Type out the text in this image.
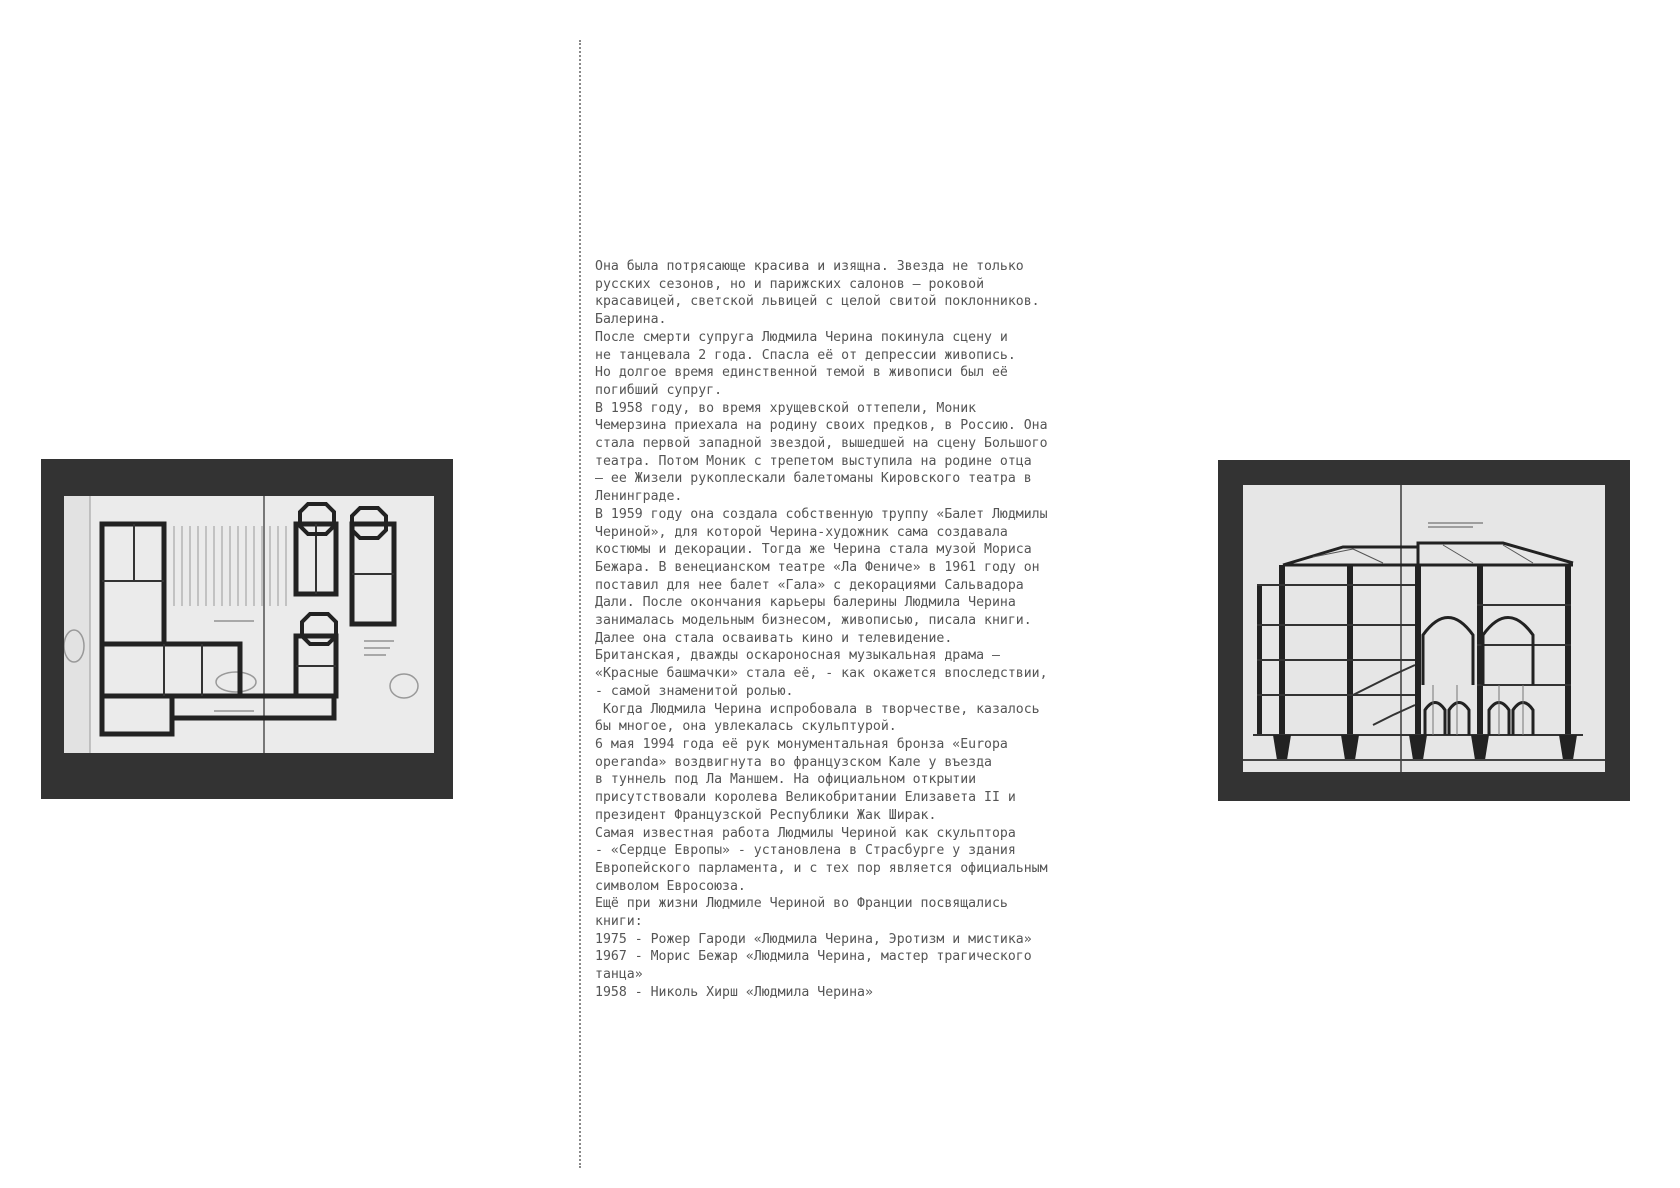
Она была потрясающе красива и изящна. Звезда не только
русских сезонов, но и парижских салонов — роковой
красавицей, светской львицей с целой свитой поклонников.
Балерина.
После смерти супруга Людмила Черина покинула сцену и
не танцевала 2 года. Спасла её от депрессии живопись.
Но долгое время единственной темой в живописи был её
погибший супруг.
В 1958 году, во время хрущевской оттепели, Моник
Чемерзина приехала на родину своих предков, в Россию. Она
стала первой западной звездой, вышедшей на сцену Большого
театра. Потом Моник с трепетом выступила на родине отца
— ее Жизели рукоплескали балетоманы Кировского театра в
Ленинграде.
В 1959 году она создала собственную труппу «Балет Людмилы
Чериной», для которой Черина-художник сама создавала
костюмы и декорации. Тогда же Черина стала музой Мориса
Бежара. В венецианском театре «Ла Фениче» в 1961 году он
поставил для нее балет «Гала» с декорациями Сальвадора
Дали. После окончания карьеры балерины Людмила Черина
занималась модельным бизнесом, живописью, писала книги.
Далее она стала осваивать кино и телевидение.
Британская, дважды оскароносная музыкальная драма —
«Красные башмачки» стала её, - как окажется впоследствии,
- самой знаменитой ролью.
Когда Людмила Черина испробовала в творчестве, казалось
бы многое, она увлекалась скульптурой.
6 мая 1994 года её рук монументальная бронза «Europa
operanda» воздвигнута во французском Кале у въезда
в туннель под Ла Маншем. На официальном открытии
присутствовали королева Великобритании Елизавета II и
президент Французской Республики Жак Ширак.
Самая известная работа Людмилы Чериной как скульптора
- «Сердце Европы» - установлена в Страсбурге у здания
Европейского парламента, и с тех пор является официальным
символом Евросоюза.
Ещё при жизни Людмиле Чериной во Франции посвящались
книги:
1975 - Рожер Гароди «Людмила Черина, Эротизм и мистика»
1967 - Морис Бежар «Людмила Черина, мастер трагического
танца»
1958 - Николь Хирш «Людмила Черина»
